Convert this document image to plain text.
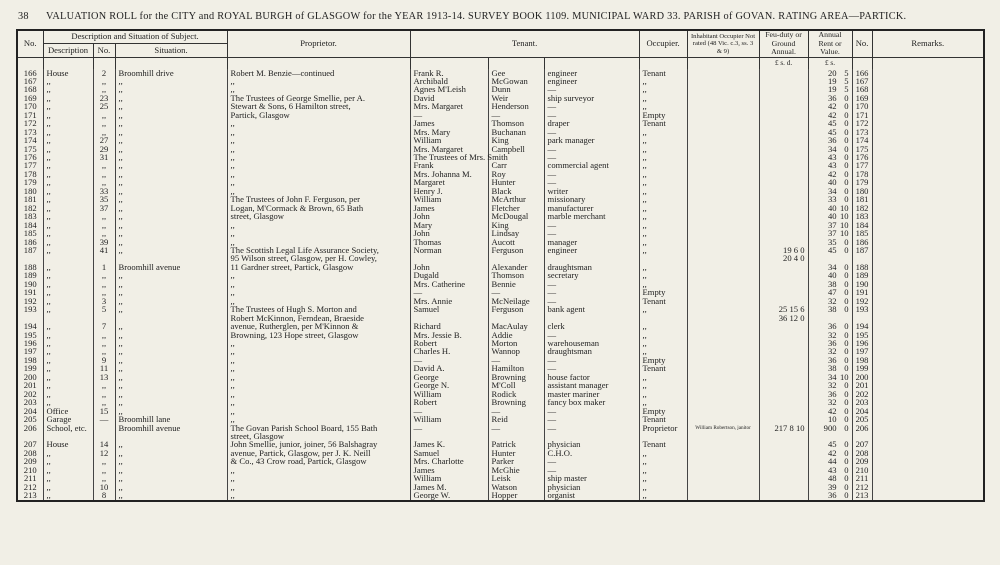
38 VALUATION ROLL for the CITY and ROYAL BURGH of GLASGOW for the YEAR 1913-14. SURVEY BOOK 1109. MUNICIPAL WARD 33. PARISH of GOVAN. RATING AREA—PARTICK.
No.	Description and Situation of Subject.			Proprietor.	Tenant.			Occupier.	Inhabitant Occupier Not rated (48 Vic. c.3, ss. 3 & 9)	Feu-duty or Ground Annual.	Annual Rent or Value.	No.	Remarks.
	Description	No.	Situation.										
										£ s. d.	£ s.		
166	House	2	Broomhill drive	Robert M. Benzie—continued	Frank R.	Gee	engineer	Tenant			20 5	166	
167	,,	,,	,,	,,	Archibald	McGowan	engineer	,,			19 5	167	
168	,,	,,	,,	,,	Agnes M'Leish	Dunn	—	,,			19 5	168	
169	,,	23	,,	The Trustees of George Smellie, per A.	David	Weir	ship surveyor	,,			36 0	169	
170	,,	25	,,	Stewart & Sons, 6 Hamilton street,	Mrs. Margaret	Henderson	—	,,			42 0	170	
171	,,	,,	,,	Partick, Glasgow	—	—	—	Empty			42 0	171	
172	,,	,,	,,	,,	James	Thomson	draper	Tenant			45 0	172	
173	,,	,,	,,	,,	Mrs. Mary	Buchanan	—	,,			45 0	173	
174	,,	27	,,	,,	William	King	park manager	,,			36 0	174	
175	,,	29	,,	,,	Mrs. Margaret	Campbell	—	,,			34 0	175	
176	,,	31	,,	,,	The Trustees of Mrs. Smith		—	,,			43 0	176	
177	,,	,,	,,	,,	Frank	Carr	commercial agent	,,			43 0	177	
178	,,	,,	,,	,,	Mrs. Johanna M.	Roy	—	,,			42 0	178	
179	,,	,,	,,	,,	Margaret	Hunter	—	,,			40 0	179	
180	,,	33	,,	,,	Henry J.	Black	writer	,,			34 0	180	
181	,,	35	,,	The Trustees of John F. Ferguson, per	William	McArthur	missionary	,,			33 0	181	
182	,,	37	,,	Logan, M'Cormack & Brown, 65 Bath	James	Fletcher	manufacturer	,,			40 10	182	
183	,,	,,	,,	street, Glasgow	John	McDougal	marble merchant	,,			40 10	183	
184	,,	,,	,,	,,	Mary	King	—	,,			37 10	184	
185	,,	,,	,,	,,	John	Lindsay	—	,,			37 10	185	
186	,,	39	,,	,,	Thomas	Aucott	manager	,,			35 0	186	
187	,,	41	,,	The Scottish Legal Life Assurance Society,	Norman	Ferguson	engineer	,,		19 6 0	45 0	187	
				95 Wilson street, Glasgow, per H. Cowley,						20 4 0			
188	,,	1	Broomhill avenue	11 Gardner street, Partick, Glasgow	John	Alexander	draughtsman	,,			34 0	188	
189	,,	,,	,,	,,	Dugald	Thomson	secretary	,,			40 0	189	
190	,,	,,	,,	,,	Mrs. Catherine	Bennie	—	,,			38 0	190	
191	,,	,,	,,	,,	—	—	—	Empty			47 0	191	
192	,,	3	,,	,,	Mrs. Annie	McNeilage	—	Tenant			32 0	192	
193	,,	5	,,	The Trustees of Hugh S. Morton and	Samuel	Ferguson	bank agent	,,		25 15 6	38 0	193	
				Robert McKinnon, Ferndean, Braeside						36 12 0			
194	,,	7	,,	avenue, Rutherglen, per M'Kinnon &	Richard	MacAulay	clerk	,,			36 0	194	
195	,,	,,	,,	Browning, 123 Hope street, Glasgow	Mrs. Jessie B.	Addie	—	,,			32 0	195	
196	,,	,,	,,	,,	Robert	Morton	warehouseman	,,			36 0	196	
197	,,	,,	,,	,,	Charles H.	Wannop	draughtsman	,,			32 0	197	
198	,,	9	,,	,,	—	—	—	Empty			36 0	198	
199	,,	11	,,	,,	David A.	Hamilton	—	Tenant			38 0	199	
200	,,	13	,,	,,	George	Browning	house factor	,,			34 10	200	
201	,,	,,	,,	,,	George N.	M'Coll	assistant manager	,,			32 0	201	
202	,,	,,	,,	,,	William	Rodick	master mariner	,,			36 0	202	
203	,,	,,	,,	,,	Robert	Browning	fancy box maker	,,			32 0	203	
204	Office	15	,,	,,	—	—	—	Empty			42 0	204	
205	Garage	—	Broomhill lane	,,	William	Reid	—	Tenant			10 0	205	
206	School, etc.		Broomhill avenue	The Govan Parish School Board, 155 Bath	—	—	—	Proprietor	William Robertson, janitor	217 8 10	900 0	206	
				street, Glasgow									
207	House	14	,,	John Smellie, junior, joiner, 56 Balshagray	James K.	Patrick	physician	Tenant			45 0	207	
208	,,	12	,,	avenue, Partick, Glasgow, per J. K. Neill	Samuel	Hunter	C.H.O.	,,			42 0	208	
209	,,	,,	,,	& Co., 43 Crow road, Partick, Glasgow	Mrs. Charlotte	Parker	—	,,			44 0	209	
210	,,	,,	,,	,,	James	McGhie	—	,,			43 0	210	
211	,,	,,	,,	,,	William	Leisk	ship master	,,			48 0	211	
212	,,	10	,,	,,	James M.	Watson	physician	,,			39 0	212	
213	,,	8	,,	,,	George W.	Hopper	organist	,,			36 0	213	
